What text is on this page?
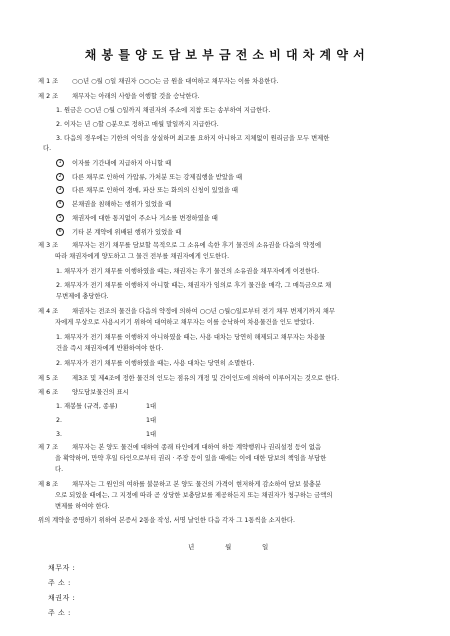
채 봉 틀 양 도 담 보 부 금 전 소 비 대 차 계 약 서
제 1 조 ○○년 ○월 ○일 채권자 ○○○는 금 원을 대여하고 채무자는 이를 차용한다.
제 2 조 채무자는 아래의 사항을 이행할 것을 승낙한다.
1. 원금은 ○○년 ○월 ○일까지 채권자의 주소에 지참 또는 송부하여 지급한다.
2. 이자는 년 ○할 ○분으로 정하고 매월 말일까지 지급한다.
3. 다음의 경우에는 기한의 이익을 상실하며 최고를 요하지 아니하고 지체없이 원리금을 모두 변제한
다.
1 이자를 기간내에 지급하지 아니할 때
2 다른 채무로 인하여 가압류, 가처분 또는 강제집행을 받았을 때
3 다른 채무로 인하여 경매, 파산 또는 화의의 신청이 있었을 때
4 본채권을 침해하는 행위가 있었을 때
5 채권자에 대한 통지없이 주소나 거소를 변경하였을 때
6 기타 본 계약에 위배된 행위가 있었을 때
제 3 조 채무자는 전기 채무를 담보할 목적으로 그 소유에 속한 후기 물건의 소유권을 다음의 약정에
따라 채권자에게 양도하고 그 물건 전부를 채권자에게 인도한다.
1. 채무자가 전기 채무를 이행하였을 때는, 채권자는 후기 물건의 소유권을 채무자에게 이전한다.
2. 채무자가 전기 채무를 이행하지 아니할 때는, 채권자가 임의로 후기 물건을 매각, 그 매득금으로 채
무변제에 충당한다.
제 4 조 채권자는 전조의 물건을 다음의 약정에 의하여 ○○년 ○월○일로부터 전기 채무 변제기까지 채무
자에게 무상으로 사용시키기 위하여 대여하고 채무자는 이를 승낙하여 차용물건을 인도 받았다.
1. 채무자가 전기 채무를 이행하지 아니하였을 때는, 사용 대차는 당연히 해제되고 채무자는 차용물
건을 즉시 채권자에게 반환하여야 한다.
2. 채무자가 전기 채무를 이행하였을 때는, 사용 대차는 당연히 소멸한다.
제 5 조 제3조 및 제4조에 정한 물건의 인도는 점유의 개정 및 간이인도에 의하여 이루어지는 것으로 한다.
제 6 조 양도담보물건의 표시
1. 재봉틀 (규격, 종류)	1대
2.	1대
3.	1대
제 7 조 채무자는 본 양도 물건에 대하여 종래 타인에게 대하여 하등 계약행위나 권리설정 등이 없음
을 확약하며, 만약 후일 타인으로부터 권리 · 주장 등이 있을 때에는 이에 대한 담보의 책임을 부담한
다.
제 8 조 채무자는 그 원인의 여하를 불문하고 본 양도 물건의 가격이 현저하게 감소하여 담보 불충분
으로 되었을 때에는, 그 지정에 따라 곧 상당한 보충담보를 제공하든지 또는 채권자가 청구하는 금액의
변제를 하여야 한다.
위의 계약을 증명하기 위하여 본증서 2통을 작성, 서명 날인한 다음 각자 그 1통씩을 소지한다.
년	월	일
채무자 :
주 소 :
채권자 :
주 소 :
